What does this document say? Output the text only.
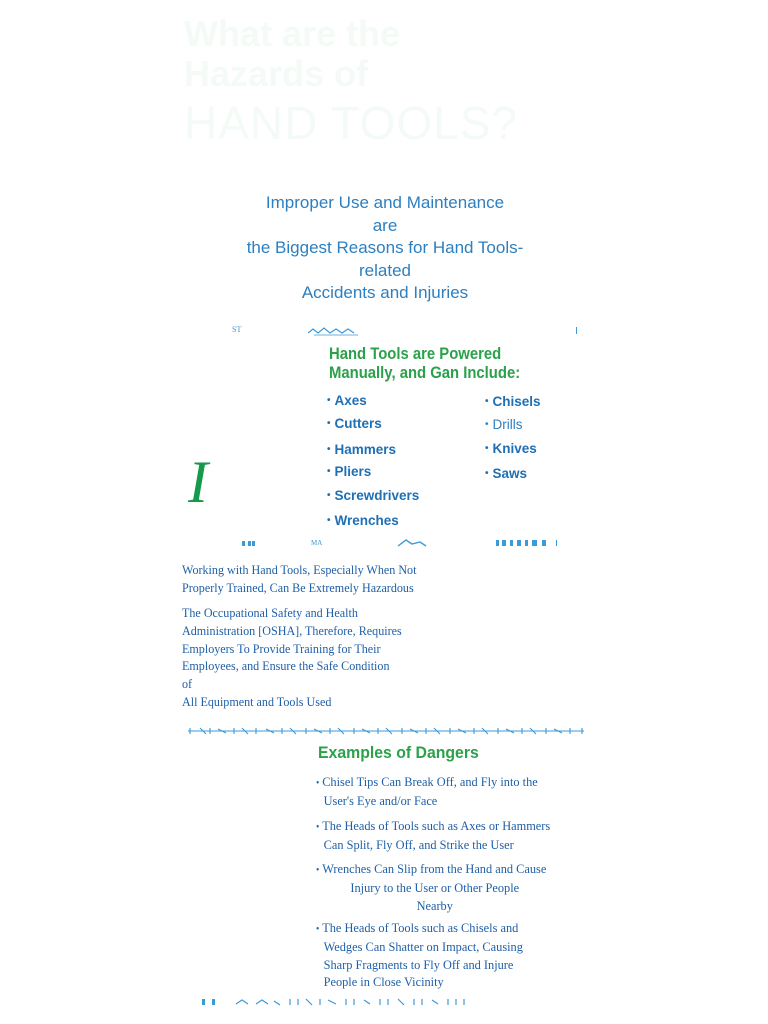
What are the
Hazards of
HAND TOOLS?
Improper Use and Maintenance
are
the Biggest Reasons for Hand Tools-
related
Accidents and Injuries
ST
Hand Tools are Powered
Manually, and Gan Include:
• Axes
• Cutters
• Hammers
• Pliers
• Screwdrivers
• Wrenches
• Chisels
• Drills
• Knives
• Saws
I
MA
Working with Hand Tools, Especially When Not
Properly Trained, Can Be Extremely Hazardous
The Occupational Safety and Health
Administration [OSHA], Therefore, Requires
Employers To Provide Training for Their
Employees, and Ensure the Safe Condition
of
All Equipment and Tools Used
Examples of Dangers
• Chisel Tips Can Break Off, and Fly into the
User's Eye and/or Face
• The Heads of Tools such as Axes or Hammers
Can Split, Fly Off, and Strike the User
• Wrenches Can Slip from the Hand and Cause
Injury to the User or Other People
Nearby
• The Heads of Tools such as Chisels and
Wedges Can Shatter on Impact, Causing
Sharp Fragments to Fly Off and Injure
People in Close Vicinity
